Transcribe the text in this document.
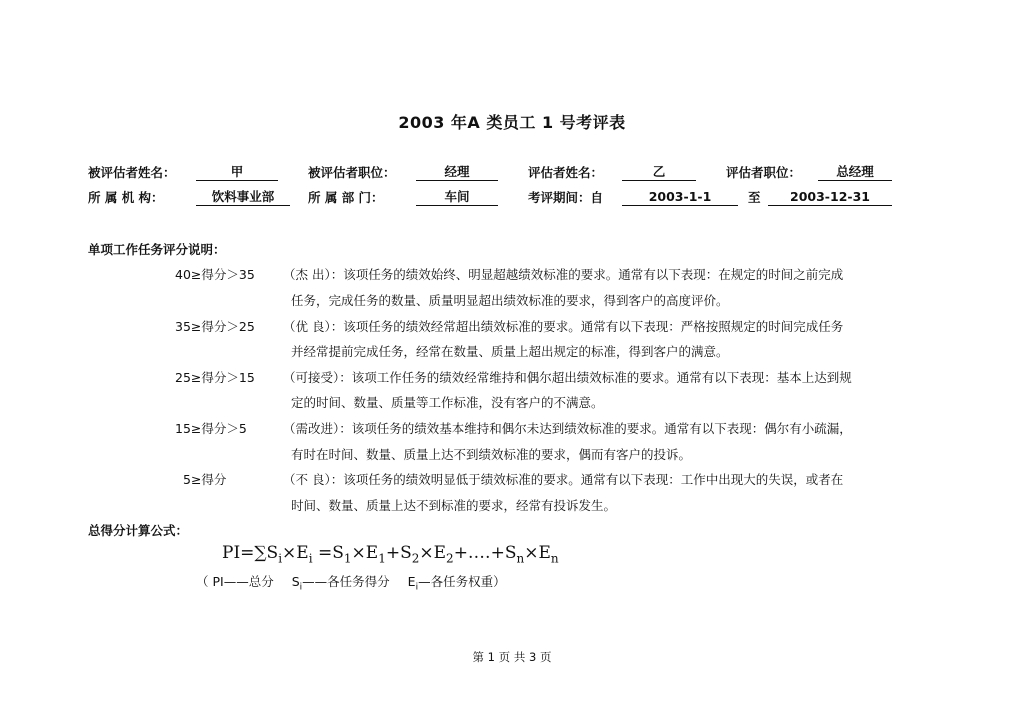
2003 年A 类员工 1 号考评表
被评估者姓名：	甲	被评估者职位：	经理	评估者姓名：	乙	评估者职位：	总经理
所 属 机 构：	饮料事业部	所 属 部 门：	车间	考评期间：自	2003-1-1	至	2003-12-31
单项工作任务评分说明：
40≥得分＞35 （杰 出）：该项任务的绩效始终、明显超越绩效标准的要求。通常有以下表现：在规定的时间之前完成
任务，完成任务的数量、质量明显超出绩效标准的要求，得到客户的高度评价。
35≥得分＞25 （优 良）：该项任务的绩效经常超出绩效标准的要求。通常有以下表现：严格按照规定的时间完成任务
并经常提前完成任务，经常在数量、质量上超出规定的标准，得到客户的满意。
25≥得分＞15 （可接受）：该项工作任务的绩效经常维持和偶尔超出绩效标准的要求。通常有以下表现：基本上达到规
定的时间、数量、质量等工作标准，没有客户的不满意。
15≥得分＞5	（需改进）：该项任务的绩效基本维持和偶尔未达到绩效标准的要求。通常有以下表现：偶尔有小疏漏，
有时在时间、数量、质量上达不到绩效标准的要求，偶而有客户的投诉。
5≥得分	（不 良）：该项任务的绩效明显低于绩效标准的要求。通常有以下表现：工作中出现大的失误，或者在
时间、数量、质量上达不到标准的要求，经常有投诉发生。
总得分计算公式：
$PI=\sum S_i\times E_i$ $=S_1\times E_1+S_2\times E_2+‥‥+S_n\times E_n$
（ PI——总分 $S_i——$各任务得分 $E_i—$各任务权重）
第 1 页 共 3 页
